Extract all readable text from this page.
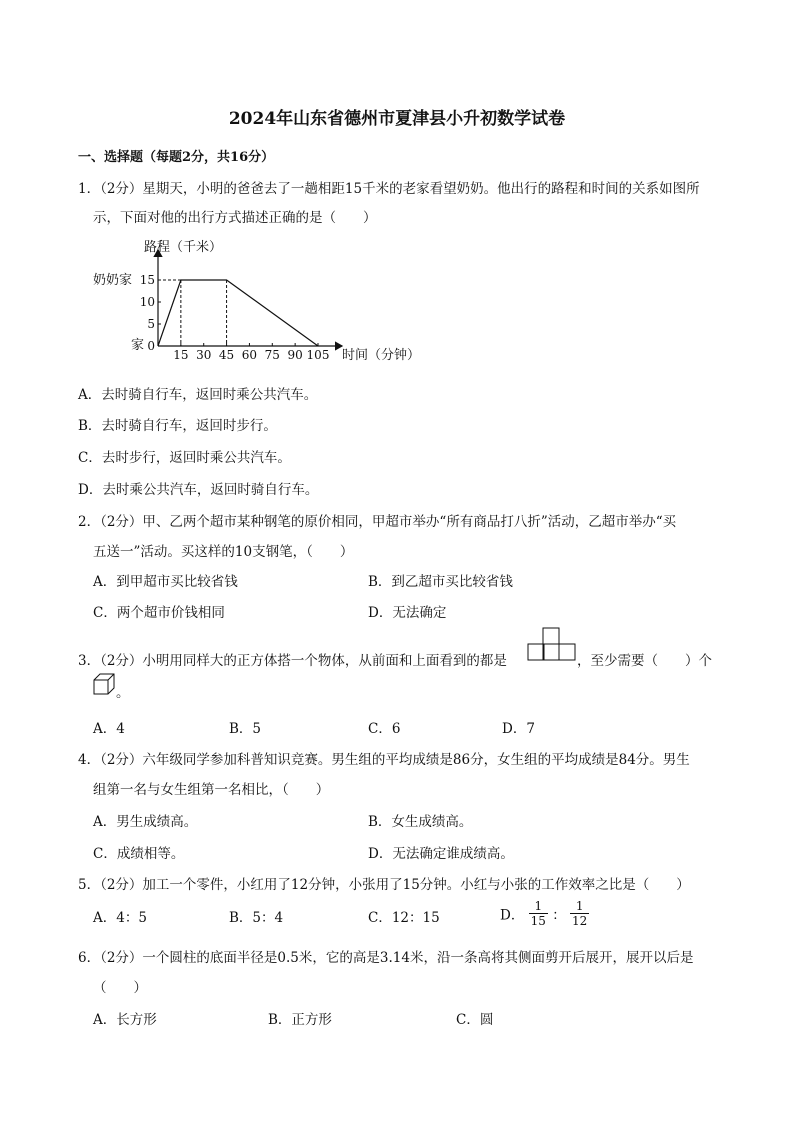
2024年山东省德州市夏津县小升初数学试卷
一、选择题（每题2分，共16分）
1．（2分）星期天，小明的爸爸去了一趟相距15千米的老家看望奶奶。他出行的路程和时间的关系如图所
示，下面对他的出行方式描述正确的是（　　）
路程（千米）
时间（分钟）
奶奶家
家 0
5
10
15
15 30 45 60 75 90 105
A．去时骑自行车，返回时乘公共汽车。
B．去时骑自行车，返回时步行。
C．去时步行，返回时乘公共汽车。
D．去时乘公共汽车，返回时骑自行车。
2．（2分）甲、乙两个超市某种钢笔的原价相同，甲超市举办“所有商品打八折”活动，乙超市举办“买
五送一”活动。买这样的10支钢笔，（　　）
A．到甲超市买比较省钱	B．到乙超市买比较省钱
C．两个超市价钱相同	D．无法确定
3．（2分）小明用同样大的正方体搭一个物体，从前面和上面看到的都是	，至少需要（　　）个
。
A．4	B．5	C．6	D．7
4．（2分）六年级同学参加科普知识竞赛。男生组的平均成绩是86分，女生组的平均成绩是84分。男生
组第一名与女生组第一名相比，（　　）
A．男生成绩高。	B．女生成绩高。
C．成绩相等。	D．无法确定谁成绩高。
5．（2分）加工一个零件，小红用了12分钟，小张用了15分钟。小红与小张的工作效率之比是（　　）
A．4：5	B．5：4	C．12：15	D． $\frac{1}{15}$ ： $\frac{1}{12}$
6．（2分）一个圆柱的底面半径是0.5米，它的高是3.14米，沿一条高将其侧面剪开后展开，展开以后是
（　　）
A．长方形	B．正方形	C．圆
